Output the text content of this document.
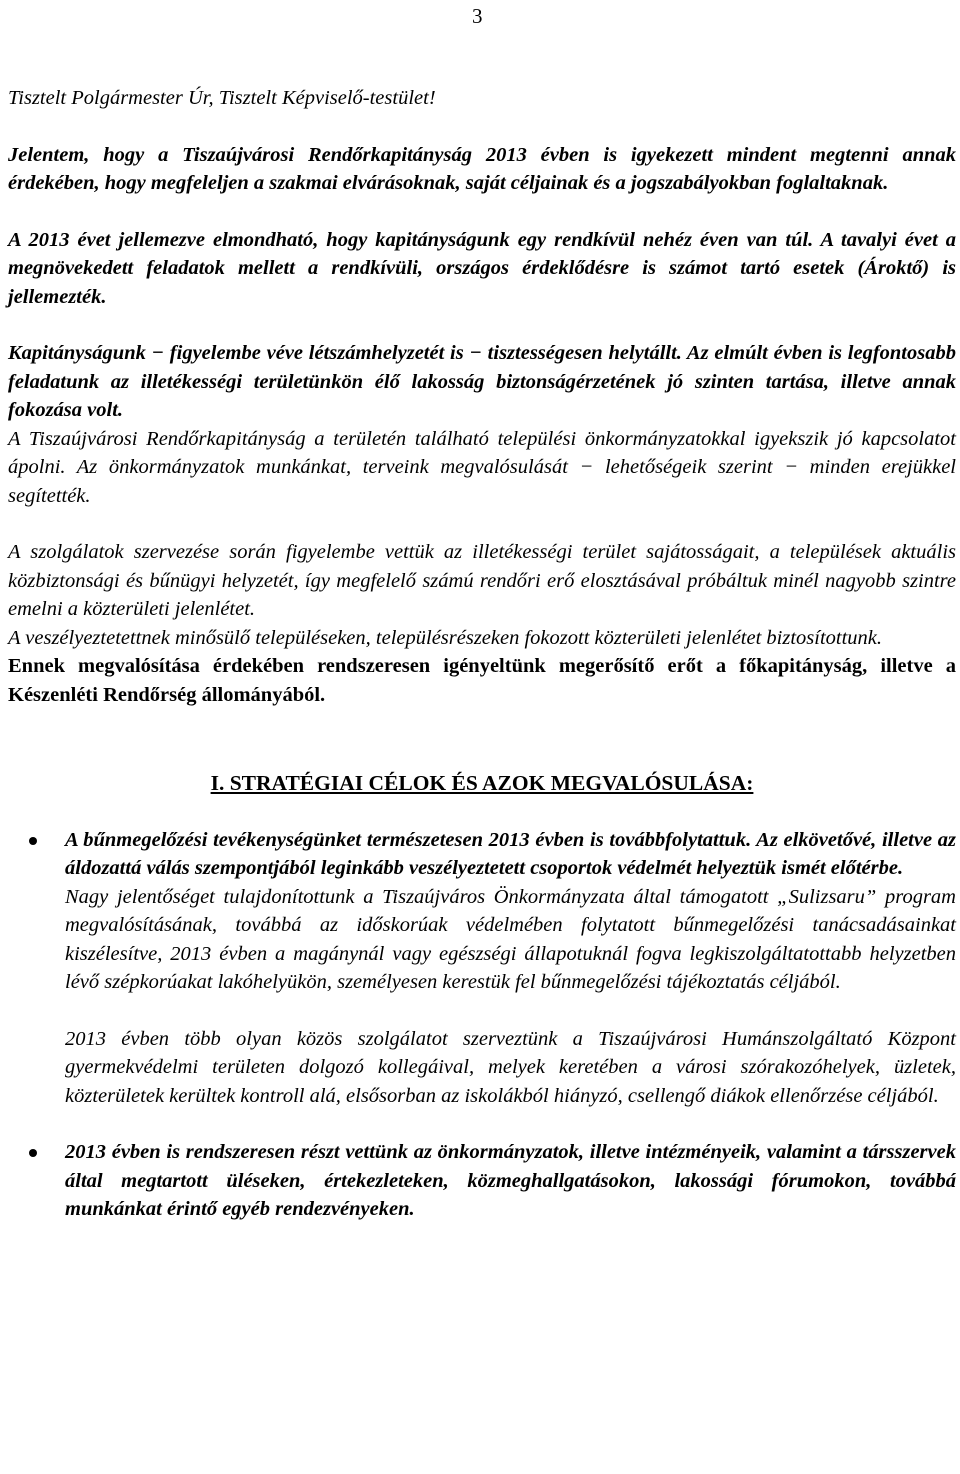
3

Tisztelt Polgármester Úr, Tisztelt Képviselő-testület!

Jelentem, hogy a Tiszaújvárosi Rendőrkapitányság 2013 évben is igyekezett mindent megtenni annak érdekében, hogy megfeleljen a szakmai elvárásoknak, saját céljainak és a jogszabályokban foglaltaknak.

A 2013 évet jellemezve elmondható, hogy kapitányságunk egy rendkívül nehéz éven van túl. A tavalyi évet a megnövekedett feladatok mellett a rendkívüli, országos érdeklődésre is számot tartó esetek (Ároktő) is jellemezték.

Kapitányságunk − figyelembe véve létszámhelyzetét is − tisztességesen helytállt. Az elmúlt évben is legfontosabb feladatunk az illetékességi területünkön élő lakosság biztonságérzetének jó szinten tartása, illetve annak fokozása volt.

A Tiszaújvárosi Rendőrkapitányság a területén található települési önkormányzatokkal igyekszik jó kapcsolatot ápolni. Az önkormányzatok munkánkat, terveink megvalósulását − lehetőségeik szerint − minden erejükkel segítették.

A szolgálatok szervezése során figyelembe vettük az illetékességi terület sajátosságait, a települések aktuális közbiztonsági és bűnügyi helyzetét, így megfelelő számú rendőri erő elosztásával próbáltuk minél nagyobb szintre emelni a közterületi jelenlétet.

A veszélyeztetettnek minősülő településeken, településrészeken fokozott közterületi jelenlétet biztosítottunk.

Ennek megvalósítása érdekében rendszeresen igényeltünk megerősítő erőt a főkapitányság, illetve a Készenléti Rendőrség állományából.

I. STRATÉGIAI CÉLOK ÉS AZOK MEGVALÓSULÁSA:

A bűnmegelőzési tevékenységünket természetesen 2013 évben is továbbfolytattuk. Az elkövetővé, illetve az áldozattá válás szempontjából leginkább veszélyeztetett csoportok védelmét helyeztük ismét előtérbe.

Nagy jelentőséget tulajdonítottunk a Tiszaújváros Önkormányzata által támogatott „Sulizsaru” program megvalósításának, továbbá az időskorúak védelmében folytatott bűnmegelőzési tanácsadásainkat kiszélesítve, 2013 évben a magánynál vagy egészségi állapotuknál fogva legkiszolgáltatottabb helyzetben lévő szépkorúakat lakóhelyükön, személyesen kerestük fel bűnmegelőzési tájékoztatás céljából.

2013 évben több olyan közös szolgálatot szerveztünk a Tiszaújvárosi Humánszolgáltató Központ gyermekvédelmi területen dolgozó kollegáival, melyek keretében a városi szórakozóhelyek, üzletek, közterületek kerültek kontroll alá, elsősorban az iskolákból hiányzó, csellengő diákok ellenőrzése céljából.

2013 évben is rendszeresen részt vettünk az önkormányzatok, illetve intézményeik, valamint a társszervek által megtartott üléseken, értekezleteken, közmeghallgatásokon, lakossági fórumokon, továbbá munkánkat érintő egyéb rendezvényeken.
